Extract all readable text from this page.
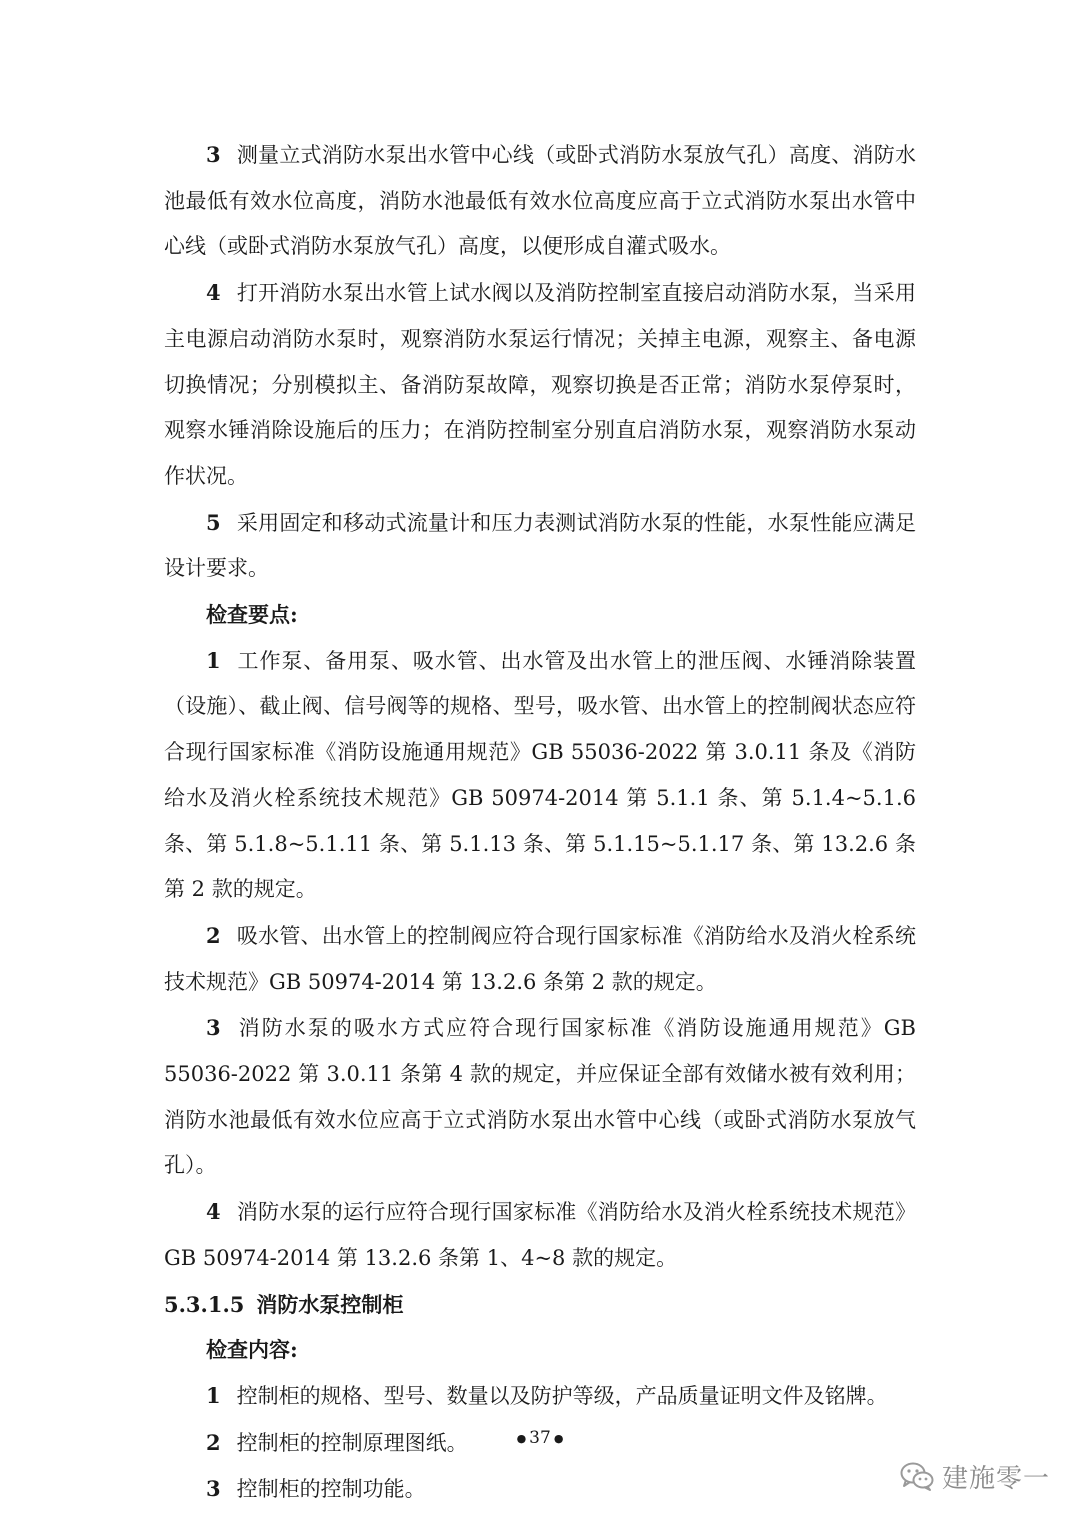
3 测量立式消防水泵出水管中心线（或卧式消防水泵放气孔）高度、消防水池最低有效水位高度，消防水池最低有效水位高度应高于立式消防水泵出水管中心线（或卧式消防水泵放气孔）高度，以便形成自灌式吸水。

4 打开消防水泵出水管上试水阀以及消防控制室直接启动消防水泵，当采用主电源启动消防水泵时，观察消防水泵运行情况；关掉主电源，观察主、备电源切换情况；分别模拟主、备消防泵故障，观察切换是否正常；消防水泵停泵时，观察水锤消除设施后的压力；在消防控制室分别直启消防水泵，观察消防水泵动作状况。

5 采用固定和移动式流量计和压力表测试消防水泵的性能，水泵性能应满足设计要求。

检查要点:

1 工作泵、备用泵、吸水管、出水管及出水管上的泄压阀、水锤消除装置（设施）、截止阀、信号阀等的规格、型号，吸水管、出水管上的控制阀状态应符合现行国家标准《消防设施通用规范》GB 55036-2022 第 3.0.11 条及《消防给水及消火栓系统技术规范》GB 50974-2014 第 5.1.1 条、第 5.1.4~5.1.6 条、第 5.1.8~5.1.11 条、第 5.1.13 条、第 5.1.15~5.1.17 条、第 13.2.6 条第 2 款的规定。

2 吸水管、出水管上的控制阀应符合现行国家标准《消防给水及消火栓系统技术规范》GB 50974-2014 第 13.2.6 条第 2 款的规定。

3 消防水泵的吸水方式应符合现行国家标准《消防设施通用规范》GB 55036-2022 第 3.0.11 条第 4 款的规定，并应保证全部有效储水被有效利用；消防水池最低有效水位应高于立式消防水泵出水管中心线（或卧式消防水泵放气孔）。

4 消防水泵的运行应符合现行国家标准《消防给水及消火栓系统技术规范》GB 50974-2014 第 13.2.6 条第 1、4~8 款的规定。

5.3.1.5 消防水泵控制柜

检查内容:

1 控制柜的规格、型号、数量以及防护等级，产品质量证明文件及铭牌。

2 控制柜的控制原理图纸。

3 控制柜的控制功能。

● 37 ●
建施零一
